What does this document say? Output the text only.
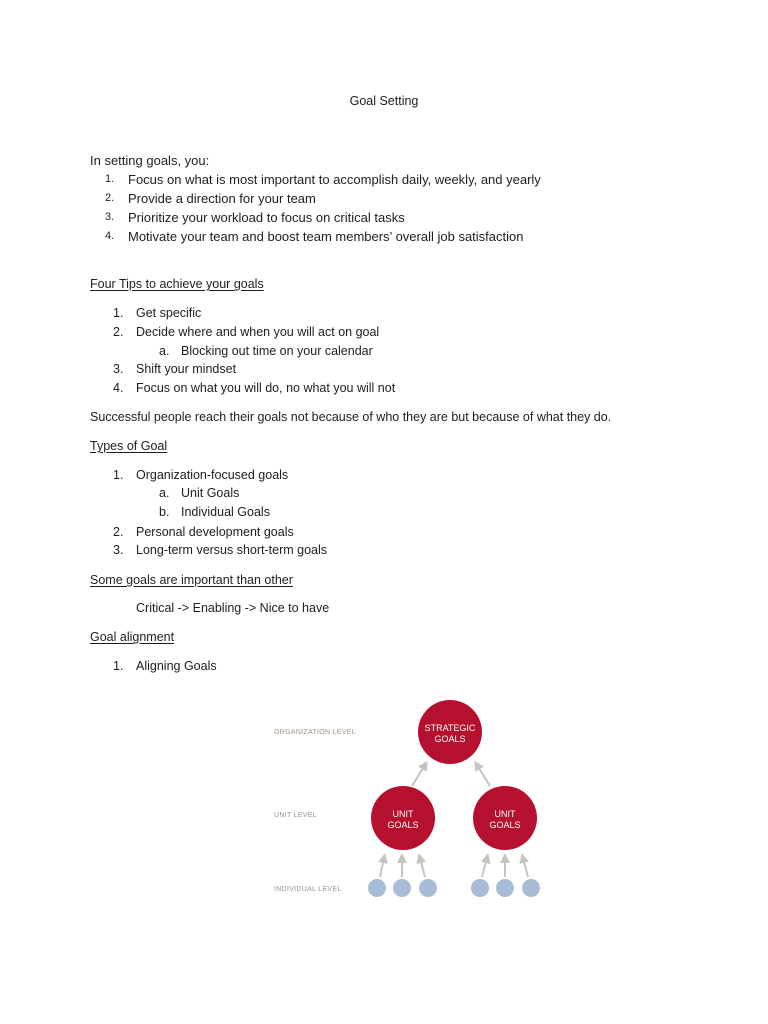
Goal Setting
In setting goals, you:
1. Focus on what is most important to accomplish daily, weekly, and yearly
2. Provide a direction for your team
3. Prioritize your workload to focus on critical tasks
4. Motivate your team and boost team members’ overall job satisfaction
Four Tips to achieve your goals
1. Get specific
2. Decide where and when you will act on goal
a. Blocking out time on your calendar
3. Shift your mindset
4. Focus on what you will do, no what you will not
Successful people reach their goals not because of who they are but because of what they do.
Types of Goal
1. Organization-focused goals
a. Unit Goals
b. Individual Goals
2. Personal development goals
3. Long-term versus short-term goals
Some goals are important than other
Critical -> Enabling -> Nice to have
Goal alignment
1. Aligning Goals
ORGANIZATION LEVEL
UNIT LEVEL
INDIVIDUAL LEVEL
STRATEGIC
GOALS
UNIT
GOALS
UNIT
GOALS
